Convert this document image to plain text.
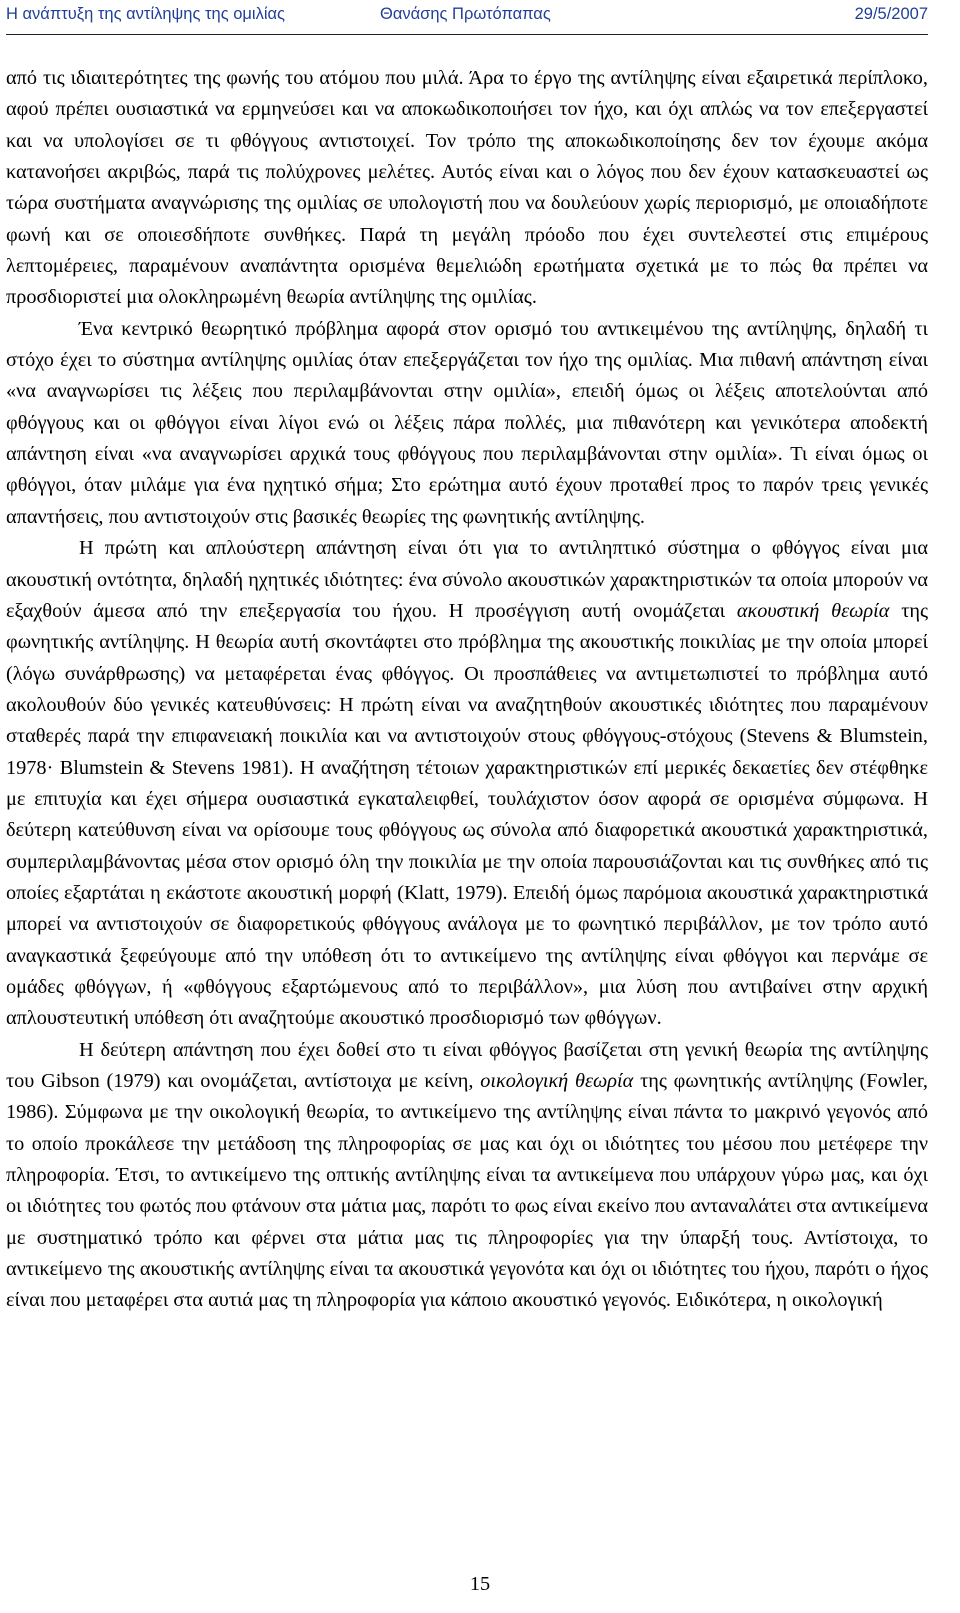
Η ανάπτυξη της αντίληψης της ομιλίας	Θανάσης Πρωτόπαπας	29/5/2007

από τις ιδιαιτερότητες της φωνής του ατόμου που μιλά. Άρα το έργο της αντίληψης είναι εξαιρετικά περίπλοκο, αφού πρέπει ουσιαστικά να ερμηνεύσει και να αποκωδικοποιήσει τον ήχο, και όχι απλώς να τον επεξεργαστεί και να υπολογίσει σε τι φθόγγους αντιστοιχεί. Τον τρόπο της αποκωδικοποίησης δεν τον έχουμε ακόμα κατανοήσει ακριβώς, παρά τις πολύχρονες μελέτες. Αυτός είναι και ο λόγος που δεν έχουν κατασκευαστεί ως τώρα συστήματα αναγνώρισης της ομιλίας σε υπολογιστή που να δουλεύουν χωρίς περιορισμό, με οποιαδήποτε φωνή και σε οποιεσδήποτε συνθήκες. Παρά τη μεγάλη πρόοδο που έχει συντελεστεί στις επιμέρους λεπτομέρειες, παραμένουν αναπάντητα ορισμένα θεμελιώδη ερωτήματα σχετικά με το πώς θα πρέπει να προσδιοριστεί μια ολοκληρωμένη θεωρία αντίληψης της ομιλίας.

Ένα κεντρικό θεωρητικό πρόβλημα αφορά στον ορισμό του αντικειμένου της αντίληψης, δηλαδή τι στόχο έχει το σύστημα αντίληψης ομιλίας όταν επεξεργάζεται τον ήχο της ομιλίας. Μια πιθανή απάντηση είναι «να αναγνωρίσει τις λέξεις που περιλαμβάνονται στην ομιλία», επειδή όμως οι λέξεις αποτελούνται από φθόγγους και οι φθόγγοι είναι λίγοι ενώ οι λέξεις πάρα πολλές, μια πιθανότερη και γενικότερα αποδεκτή απάντηση είναι «να αναγνωρίσει αρχικά τους φθόγγους που περιλαμβάνονται στην ομιλία». Τι είναι όμως οι φθόγγοι, όταν μιλάμε για ένα ηχητικό σήμα; Στο ερώτημα αυτό έχουν προταθεί προς το παρόν τρεις γενικές απαντήσεις, που αντιστοιχούν στις βασικές θεωρίες της φωνητικής αντίληψης.

Η πρώτη και απλούστερη απάντηση είναι ότι για το αντιληπτικό σύστημα ο φθόγγος είναι μια ακουστική οντότητα, δηλαδή ηχητικές ιδιότητες: ένα σύνολο ακουστικών χαρακτηριστικών τα οποία μπορούν να εξαχθούν άμεσα από την επεξεργασία του ήχου. Η προσέγγιση αυτή ονομάζεται ακουστική θεωρία της φωνητικής αντίληψης. Η θεωρία αυτή σκοντάφτει στο πρόβλημα της ακουστικής ποικιλίας με την οποία μπορεί (λόγω συνάρθρωσης) να μεταφέρεται ένας φθόγγος. Οι προσπάθειες να αντιμετωπιστεί το πρόβλημα αυτό ακολουθούν δύο γενικές κατευθύνσεις: Η πρώτη είναι να αναζητηθούν ακουστικές ιδιότητες που παραμένουν σταθερές παρά την επιφανειακή ποικιλία και να αντιστοιχούν στους φθόγγους-στόχους (Stevens & Blumstein, 1978· Blumstein & Stevens 1981). Η αναζήτηση τέτοιων χαρακτηριστικών επί μερικές δεκαετίες δεν στέφθηκε με επιτυχία και έχει σήμερα ουσιαστικά εγκαταλειφθεί, τουλάχιστον όσον αφορά σε ορισμένα σύμφωνα. Η δεύτερη κατεύθυνση είναι να ορίσουμε τους φθόγγους ως σύνολα από διαφορετικά ακουστικά χαρακτηριστικά, συμπεριλαμβάνοντας μέσα στον ορισμό όλη την ποικιλία με την οποία παρουσιάζονται και τις συνθήκες από τις οποίες εξαρτάται η εκάστοτε ακουστική μορφή (Klatt, 1979). Επειδή όμως παρόμοια ακουστικά χαρακτηριστικά μπορεί να αντιστοιχούν σε διαφορετικούς φθόγγους ανάλογα με το φωνητικό περιβάλλον, με τον τρόπο αυτό αναγκαστικά ξεφεύγουμε από την υπόθεση ότι το αντικείμενο της αντίληψης είναι φθόγγοι και περνάμε σε ομάδες φθόγγων, ή «φθόγγους εξαρτώμενους από το περιβάλλον», μια λύση που αντιβαίνει στην αρχική απλουστευτική υπόθεση ότι αναζητούμε ακουστικό προσδιορισμό των φθόγγων.

Η δεύτερη απάντηση που έχει δοθεί στο τι είναι φθόγγος βασίζεται στη γενική θεωρία της αντίληψης του Gibson (1979) και ονομάζεται, αντίστοιχα με κείνη, οικολογική θεωρία της φωνητικής αντίληψης (Fowler, 1986). Σύμφωνα με την οικολογική θεωρία, το αντικείμενο της αντίληψης είναι πάντα το μακρινό γεγονός από το οποίο προκάλεσε την μετάδοση της πληροφορίας σε μας και όχι οι ιδιότητες του μέσου που μετέφερε την πληροφορία. Έτσι, το αντικείμενο της οπτικής αντίληψης είναι τα αντικείμενα που υπάρχουν γύρω μας, και όχι οι ιδιότητες του φωτός που φτάνουν στα μάτια μας, παρότι το φως είναι εκείνο που ανταναλάτει στα αντικείμενα με συστηματικό τρόπο και φέρνει στα μάτια μας τις πληροφορίες για την ύπαρξή τους. Αντίστοιχα, το αντικείμενο της ακουστικής αντίληψης είναι τα ακουστικά γεγονότα και όχι οι ιδιότητες του ήχου, παρότι ο ήχος είναι που μεταφέρει στα αυτιά μας τη πληροφορία για κάποιο ακουστικό γεγονός. Ειδικότερα, η οικολογική

15
